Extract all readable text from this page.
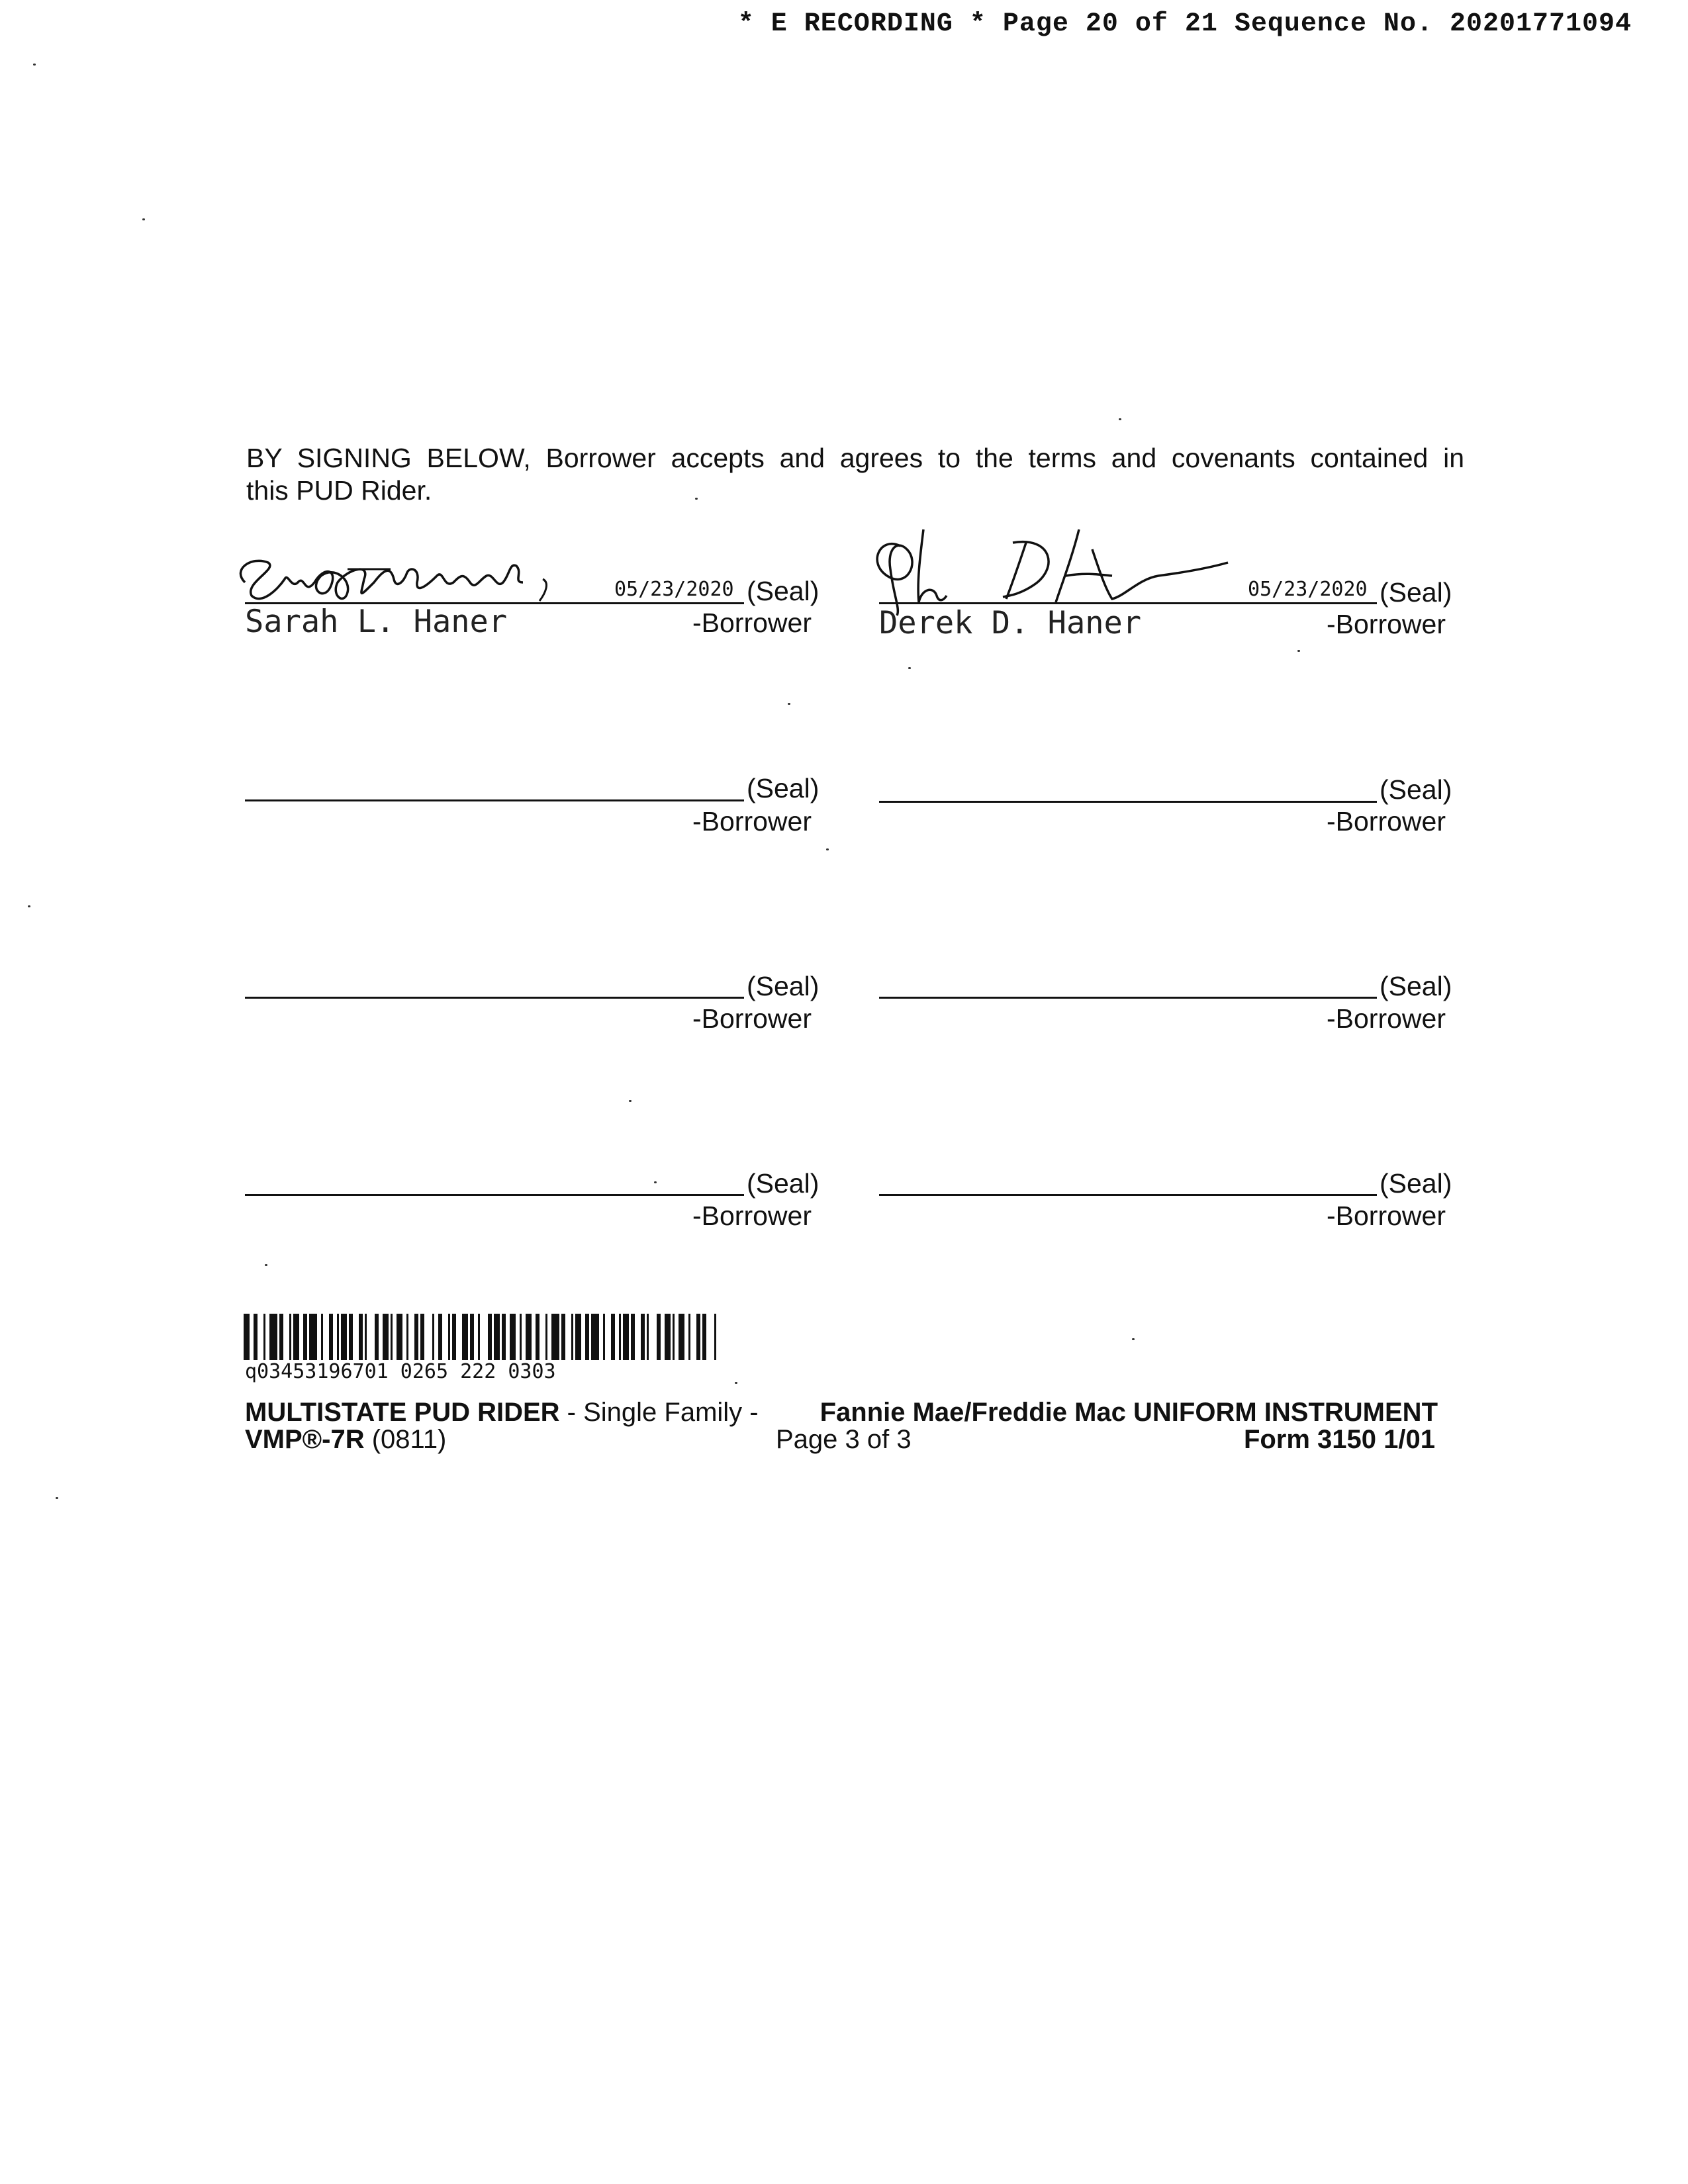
* E RECORDING * Page 20 of 21 Sequence No. 20201771094
BY SIGNING BELOW, Borrower accepts and agrees to the terms and covenants contained in
this PUD Rider.
05/23/2020 (Seal)
Sarah L. Haner	-Borrower
05/23/2020 (Seal)
Derek D. Haner	-Borrower
(Seal)
-Borrower
(Seal)
-Borrower
(Seal)
-Borrower
(Seal)
-Borrower
(Seal)
-Borrower
(Seal)
-Borrower
q03453196701 0265 222 0303
MULTISTATE PUD RIDER - Single Family - Fannie Mae/Freddie Mac UNIFORM INSTRUMENT
VMP®-7R (0811)	Page 3 of 3	Form 3150 1/01
